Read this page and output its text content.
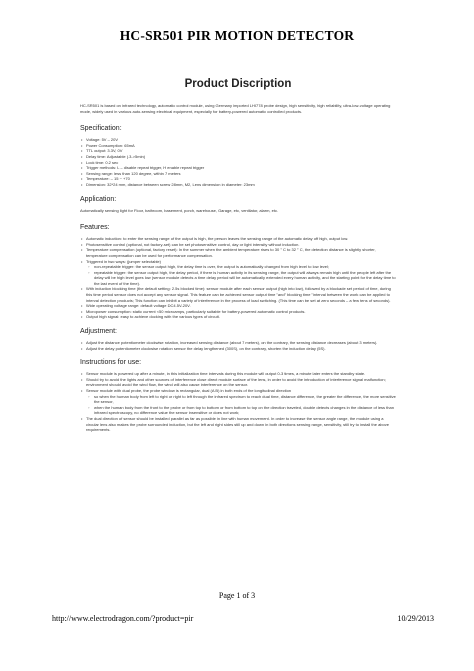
HC-SR501 PIR MOTION DETECTOR
Product Discription

HC-SR501 is based on infrared technology, automatic control module, using Germany imported LHI778 probe design, high sensitivity, high reliability, ultra-low-voltage operating mode, widely used in various auto-sensing electrical equipment, especially for battery-powered automatic controlled products.

Specification:
• Voltage: 5V – 20V
• Power Consumption: 65mA
• TTL output: 3.3V, 0V
• Delay time: Adjustable (.3->5min)
• Lock time: 0.2 sec
• Trigger methods: L – disable repeat trigger, H enable repeat trigger
• Sensing range: less than 120 degree, within 7 meters
• Temperature: – 15 ~ +70
• Dimension: 32*24 mm, distance between screw 28mm, M2, Lens dimension in diameter: 23mm
Application:

Automatically sensing light for Floor, bathroom, basement, porch, warehouse, Garage, etc, ventilator, alarm, etc.

Features:
• Automatic induction: to enter the sensing range of the output is high, the person leaves the sensing range of the automatic delay off high, output low.
• Photosensitive control (optional, not factory-set) can be set photosensitive control, day or light intensity without induction.
• Temperature compensation (optional, factory reset): In the summer when the ambient temperature rises to 30 ° C to 32 ° C, the detection distance is slightly shorter, temperature compensation can be used for performance compensation.
• Triggered in two ways: (jumper selectable)
◦ non-repeatable trigger: the sensor output high, the delay time is over, the output is automatically changed from high level to low level;
◦ repeatable trigger: the sensor output high, the delay period, if there is human activity in its sensing range, the output will always remain high until the people left after the delay will be high level goes low (sensor module detects a time delay period will be automatically extended every human activity, and the starting point for the delay time to the last event of the time).
• With induction blocking time (the default setting: 2.5s blocked time): sensor module after each sensor output (high into low), followed by a blockade set period of time, during this time period sensor does not accept any sensor signal. This feature can be achieved sensor output time "and" blocking time "interval between the work can be applied to interval detection products; This function can inhibit a variety of interference in the process of load switching. (This time can be set at zero seconds – a few tens of seconds).
• Wide operating voltage range: default voltage DC4.5V-20V.
• Micropower consumption: static current <50 microamps, particularly suitable for battery-powered automatic control products.
• Output high signal: easy to achieve docking with the various types of circuit.
Adjustment:
• Adjust the distance potentiometer clockwise rotation, increased sensing distance (about 7 meters), on the contrary, the sensing distance decreases (about 3 meters).
• Adjust the delay potentiometer clockwise rotation sensor the delay lengthened (300S), on the contrary, shorten the induction delay (5S).
Instructions for use:
• Sensor module is powered up after a minute, in this initialization time intervals during this module will output 0-3 times, a minute later enters the standby state.
• Should try to avoid the lights and other sources of interference close direct module surface of the lens, in order to avoid the introduction of interference signal malfunction; environment should avoid the wind flow, the wind will also cause interference on the sensor.
• Sensor module with dual probe, the probe window is rectangular, dual (A B) in both ends of the longitudinal direction
◦ so when the human body from left to right or right to left through the infrared spectrum to reach dual time, distance difference, the greater the difference, the more sensitive the sensor,
◦ when the human body from the front to the probe or from top to bottom or from bottom to top on the direction traveled, double detects changes in the distance of less than infrared spectroscopy, no difference value the sensor insensitive or does not work;
• The dual direction of sensor should be installed parallel as far as possible in line with human movement. In order to increase the sensor angle range, the module using a circular lens also makes the probe surrounded induction, but the left and right sides still up and down in both directions sensing range, sensitivity, still try to install the above requirements.
Page 1 of 3
http://www.electrodragon.com/?product=pir	10/29/2013
